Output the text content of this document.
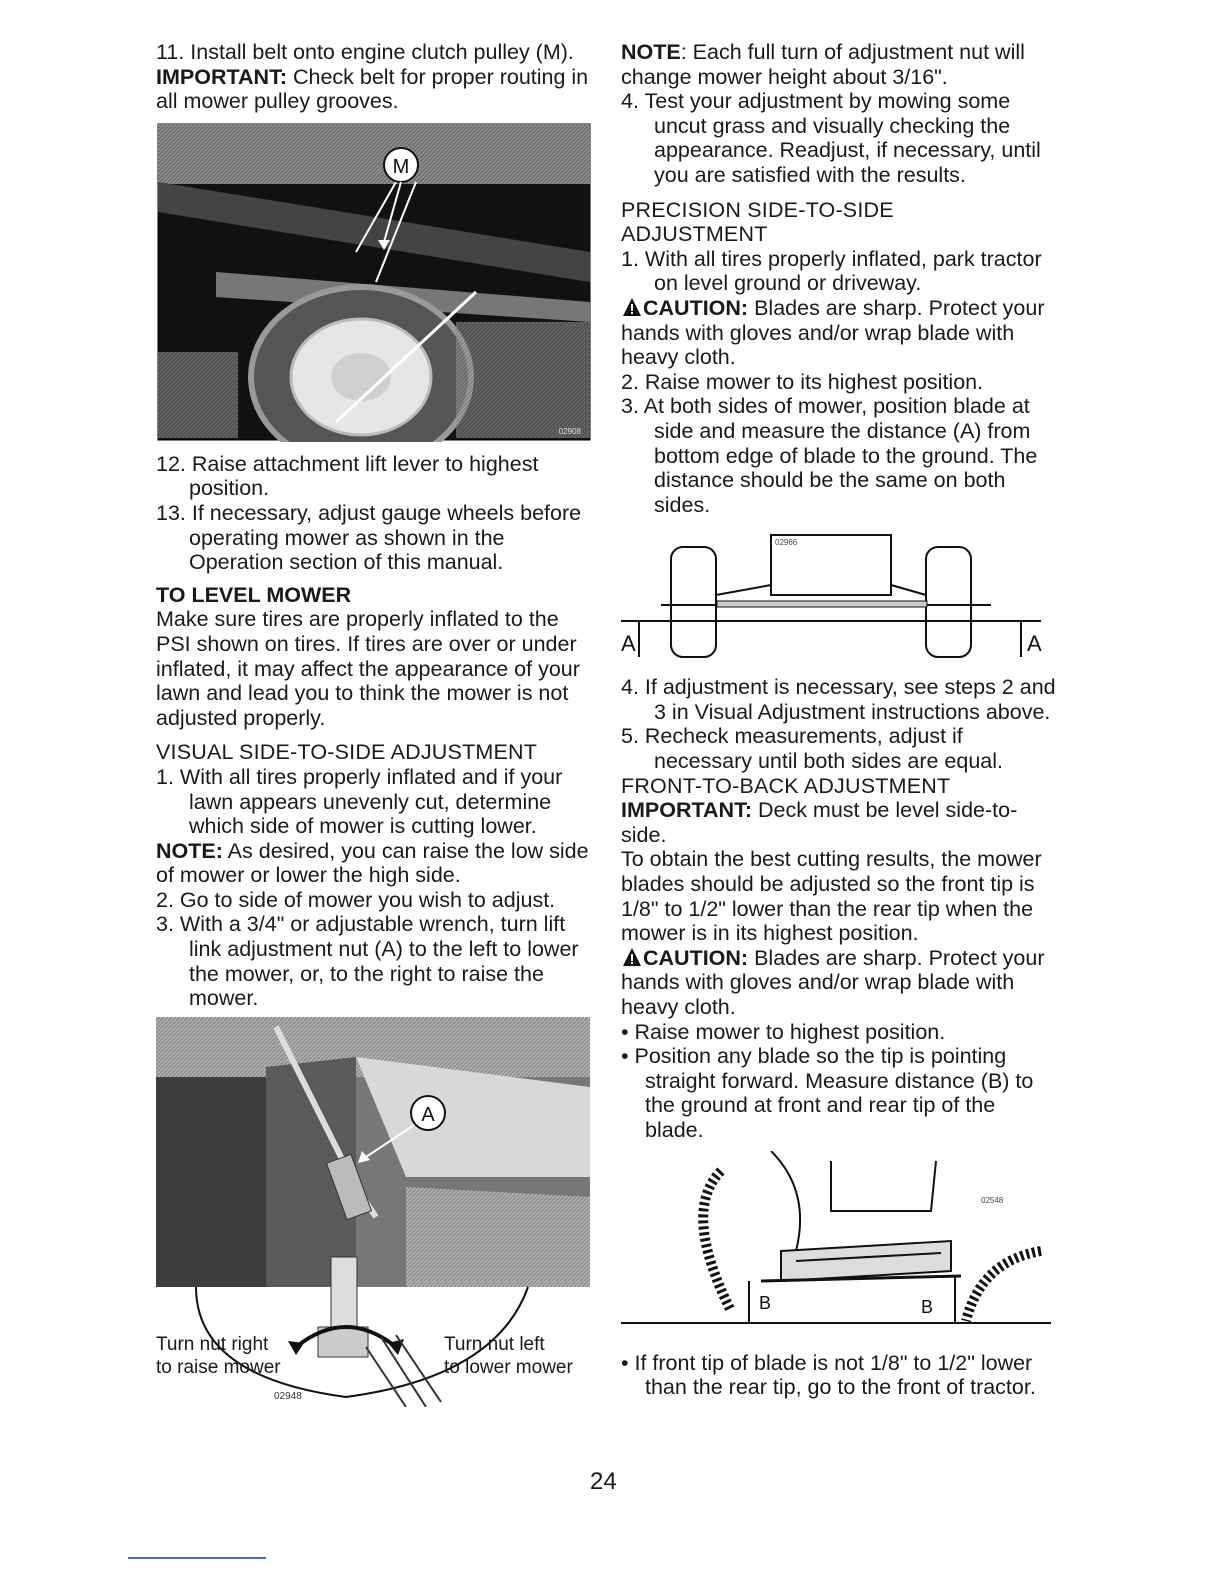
11. Install belt onto engine clutch pulley (M).

IMPORTANT: Check belt for proper routing in all mower pulley grooves.

M
02908

12. Raise attachment lift lever to highest position.

13. If necessary, adjust gauge wheels before operating mower as shown in the Operation section of this manual.

TO LEVEL MOWER

Make sure tires are properly inflated to the PSI shown on tires. If tires are over or under inflated, it may affect the appearance of your lawn and lead you to think the mower is not adjusted properly.

VISUAL SIDE-TO-SIDE ADJUSTMENT

1. With all tires properly inflated and if your lawn appears unevenly cut, determine which side of mower is cutting lower.

NOTE: As desired, you can raise the low side of mower or lower the high side.

2. Go to side of mower you wish to adjust.

3. With a 3/4" or adjustable wrench, turn lift link adjustment nut (A) to the left to lower the mower, or, to the right to raise the mower.

A
Turn nut right
to raise mower
Turn nut left
to lower mower
02948

NOTE: Each full turn of adjustment nut will change mower height about 3/16".

4. Test your adjustment by mowing some uncut grass and visually checking the appearance. Readjust, if necessary, until you are satisfied with the results.

PRECISION SIDE-TO-SIDE

ADJUSTMENT

1. With all tires properly inflated, park tractor on level ground or driveway.

CAUTION: Blades are sharp. Protect your hands with gloves and/or wrap blade with heavy cloth.

2. Raise mower to its highest position.

3. At both sides of mower, position blade at side and measure the distance (A) from bottom edge of blade to the ground. The distance should be the same on both sides.

A	A
02966

4. If adjustment is necessary, see steps 2 and 3 in Visual Adjustment instructions above.

5. Recheck measurements, adjust if necessary until both sides are equal.

FRONT-TO-BACK ADJUSTMENT

IMPORTANT: Deck must be level side-to-side.

To obtain the best cutting results, the mower blades should be adjusted so the front tip is 1/8" to 1/2" lower than the rear tip when the mower is in its highest position.

CAUTION: Blades are sharp. Protect your hands with gloves and/or wrap blade with heavy cloth.

• Raise mower to highest position.

• Position any blade so the tip is pointing straight forward. Measure distance (B) to the ground at front and rear tip of the blade.

B	B
02548

• If front tip of blade is not 1/8" to 1/2" lower than the rear tip, go to the front of tractor.

24
